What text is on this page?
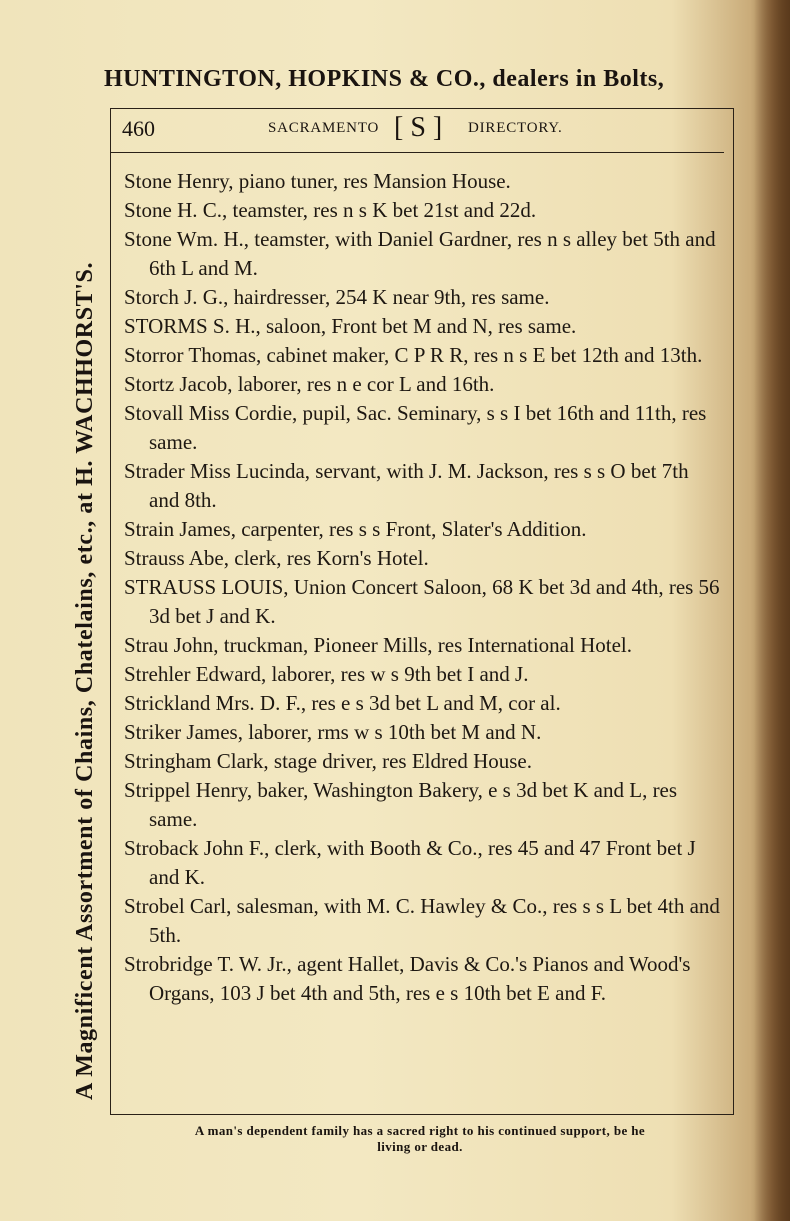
HUNTINGTON, HOPKINS & CO., dealers in Bolts,
A Magnificent Assortment of Chains, Chatelains, etc., at H. WACHHORST'S.
460	SACRAMENTO [ S ] DIRECTORY.

Stone Henry, piano tuner, res Mansion House.

Stone H. C., teamster, res n s K bet 21st and 22d.

Stone Wm. H., teamster, with Daniel Gardner, res n s alley bet 5th and 6th L and M.

Storch J. G., hairdresser, 254 K near 9th, res same.

STORMS S. H., saloon, Front bet M and N, res same.

Storror Thomas, cabinet maker, C P R R, res n s E bet 12th and 13th.

Stortz Jacob, laborer, res n e cor L and 16th.

Stovall Miss Cordie, pupil, Sac. Seminary, s s I bet 16th and 11th, res same.

Strader Miss Lucinda, servant, with J. M. Jackson, res s s O bet 7th and 8th.

Strain James, carpenter, res s s Front, Slater's Addition.

Strauss Abe, clerk, res Korn's Hotel.

STRAUSS LOUIS, Union Concert Saloon, 68 K bet 3d and 4th, res 56 3d bet J and K.

Strau John, truckman, Pioneer Mills, res International Hotel.

Strehler Edward, laborer, res w s 9th bet I and J.

Strickland Mrs. D. F., res e s 3d bet L and M, cor al.

Striker James, laborer, rms w s 10th bet M and N.

Stringham Clark, stage driver, res Eldred House.

Strippel Henry, baker, Washington Bakery, e s 3d bet K and L, res same.

Stroback John F., clerk, with Booth & Co., res 45 and 47 Front bet J and K.

Strobel Carl, salesman, with M. C. Hawley & Co., res s s L bet 4th and 5th.

Strobridge T. W. Jr., agent Hallet, Davis & Co.'s Pianos and Wood's Organs, 103 J bet 4th and 5th, res e s 10th bet E and F.

A man's dependent family has a sacred right to his continued support, be he
living or dead.
